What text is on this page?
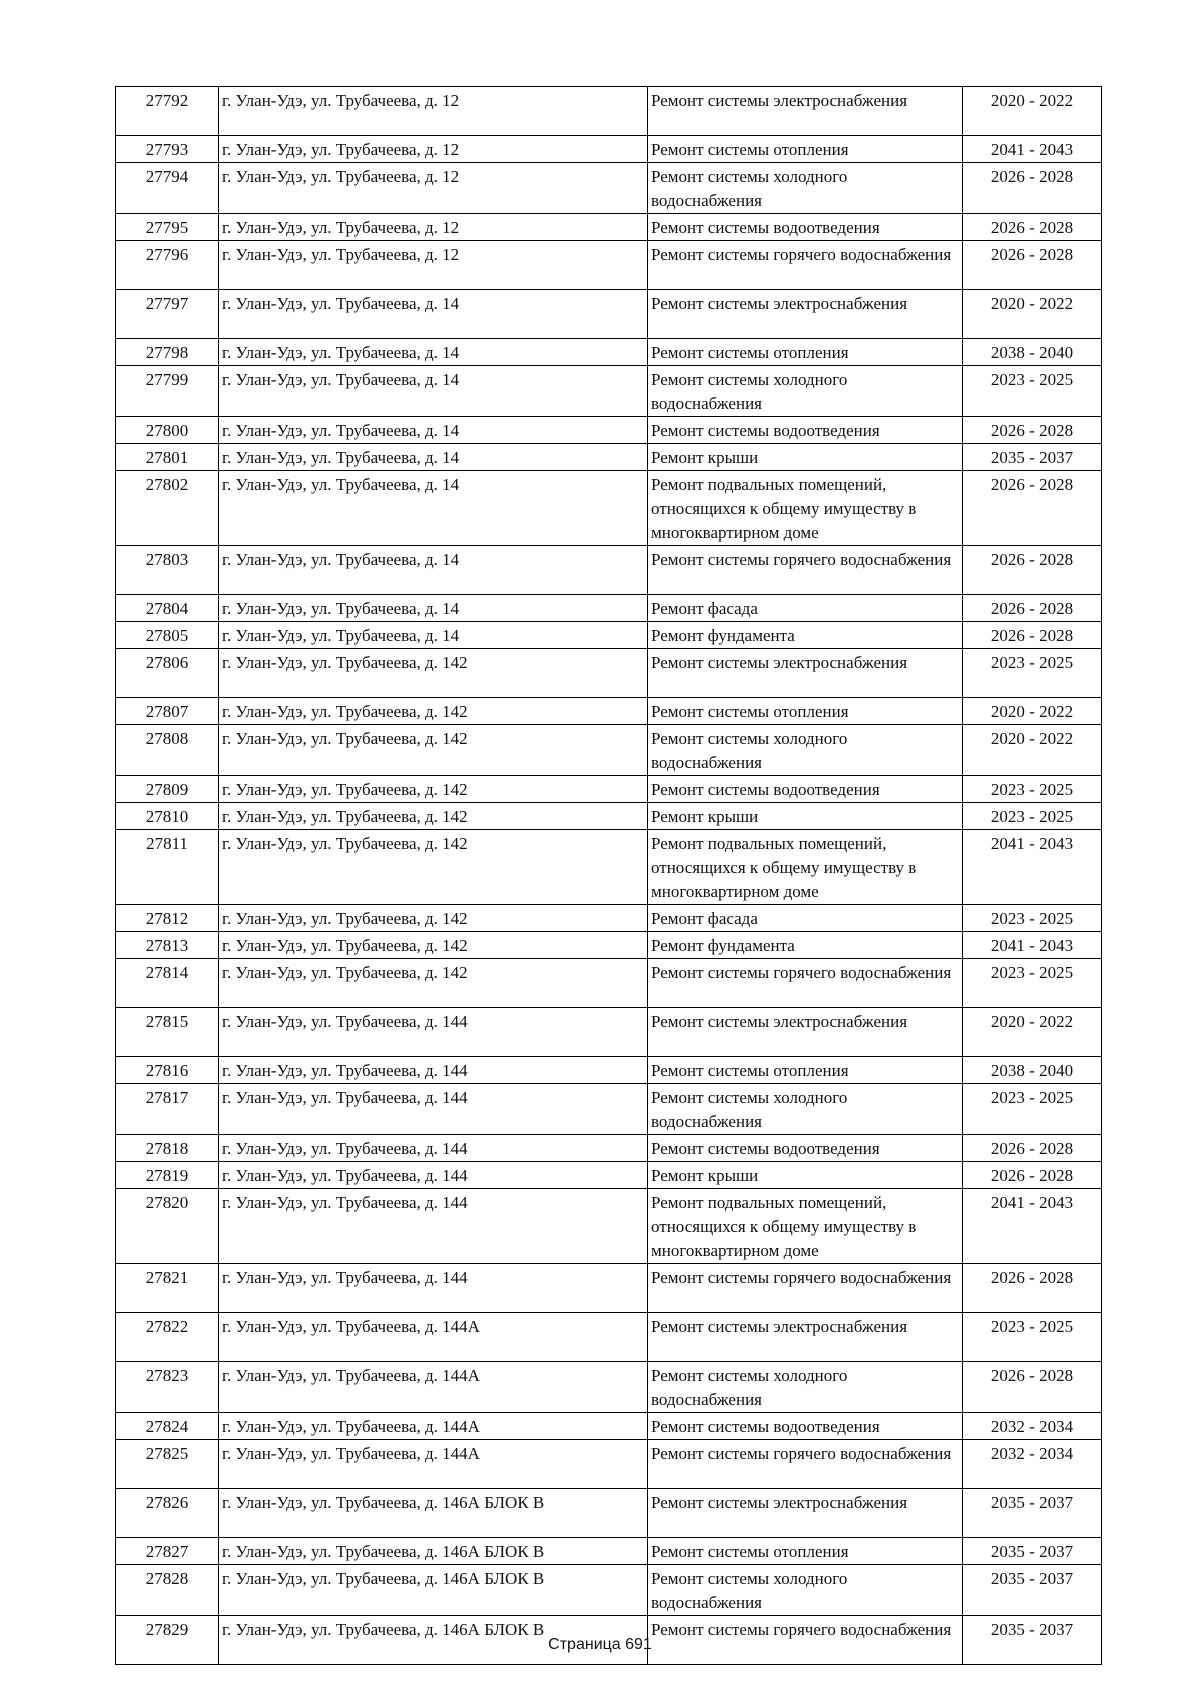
27792	г. Улан-Удэ, ул. Трубачеева, д. 12	Ремонт системы электроснабжения	2020 - 2022
27793	г. Улан-Удэ, ул. Трубачеева, д. 12	Ремонт системы отопления	2041 - 2043
27794	г. Улан-Удэ, ул. Трубачеева, д. 12	Ремонт системы холодного водоснабжения	2026 - 2028
27795	г. Улан-Удэ, ул. Трубачеева, д. 12	Ремонт системы водоотведения	2026 - 2028
27796	г. Улан-Удэ, ул. Трубачеева, д. 12	Ремонт системы горячего водоснабжения	2026 - 2028
27797	г. Улан-Удэ, ул. Трубачеева, д. 14	Ремонт системы электроснабжения	2020 - 2022
27798	г. Улан-Удэ, ул. Трубачеева, д. 14	Ремонт системы отопления	2038 - 2040
27799	г. Улан-Удэ, ул. Трубачеева, д. 14	Ремонт системы холодного водоснабжения	2023 - 2025
27800	г. Улан-Удэ, ул. Трубачеева, д. 14	Ремонт системы водоотведения	2026 - 2028
27801	г. Улан-Удэ, ул. Трубачеева, д. 14	Ремонт крыши	2035 - 2037
27802	г. Улан-Удэ, ул. Трубачеева, д. 14	Ремонт подвальных помещений, относящихся к общему имуществу в многоквартирном доме	2026 - 2028
27803	г. Улан-Удэ, ул. Трубачеева, д. 14	Ремонт системы горячего водоснабжения	2026 - 2028
27804	г. Улан-Удэ, ул. Трубачеева, д. 14	Ремонт фасада	2026 - 2028
27805	г. Улан-Удэ, ул. Трубачеева, д. 14	Ремонт фундамента	2026 - 2028
27806	г. Улан-Удэ, ул. Трубачеева, д. 142	Ремонт системы электроснабжения	2023 - 2025
27807	г. Улан-Удэ, ул. Трубачеева, д. 142	Ремонт системы отопления	2020 - 2022
27808	г. Улан-Удэ, ул. Трубачеева, д. 142	Ремонт системы холодного водоснабжения	2020 - 2022
27809	г. Улан-Удэ, ул. Трубачеева, д. 142	Ремонт системы водоотведения	2023 - 2025
27810	г. Улан-Удэ, ул. Трубачеева, д. 142	Ремонт крыши	2023 - 2025
27811	г. Улан-Удэ, ул. Трубачеева, д. 142	Ремонт подвальных помещений, относящихся к общему имуществу в многоквартирном доме	2041 - 2043
27812	г. Улан-Удэ, ул. Трубачеева, д. 142	Ремонт фасада	2023 - 2025
27813	г. Улан-Удэ, ул. Трубачеева, д. 142	Ремонт фундамента	2041 - 2043
27814	г. Улан-Удэ, ул. Трубачеева, д. 142	Ремонт системы горячего водоснабжения	2023 - 2025
27815	г. Улан-Удэ, ул. Трубачеева, д. 144	Ремонт системы электроснабжения	2020 - 2022
27816	г. Улан-Удэ, ул. Трубачеева, д. 144	Ремонт системы отопления	2038 - 2040
27817	г. Улан-Удэ, ул. Трубачеева, д. 144	Ремонт системы холодного водоснабжения	2023 - 2025
27818	г. Улан-Удэ, ул. Трубачеева, д. 144	Ремонт системы водоотведения	2026 - 2028
27819	г. Улан-Удэ, ул. Трубачеева, д. 144	Ремонт крыши	2026 - 2028
27820	г. Улан-Удэ, ул. Трубачеева, д. 144	Ремонт подвальных помещений, относящихся к общему имуществу в многоквартирном доме	2041 - 2043
27821	г. Улан-Удэ, ул. Трубачеева, д. 144	Ремонт системы горячего водоснабжения	2026 - 2028
27822	г. Улан-Удэ, ул. Трубачеева, д. 144А	Ремонт системы электроснабжения	2023 - 2025
27823	г. Улан-Удэ, ул. Трубачеева, д. 144А	Ремонт системы холодного водоснабжения	2026 - 2028
27824	г. Улан-Удэ, ул. Трубачеева, д. 144А	Ремонт системы водоотведения	2032 - 2034
27825	г. Улан-Удэ, ул. Трубачеева, д. 144А	Ремонт системы горячего водоснабжения	2032 - 2034
27826	г. Улан-Удэ, ул. Трубачеева, д. 146А БЛОК В	Ремонт системы электроснабжения	2035 - 2037
27827	г. Улан-Удэ, ул. Трубачеева, д. 146А БЛОК В	Ремонт системы отопления	2035 - 2037
27828	г. Улан-Удэ, ул. Трубачеева, д. 146А БЛОК В	Ремонт системы холодного водоснабжения	2035 - 2037
27829	г. Улан-Удэ, ул. Трубачеева, д. 146А БЛОК В	Ремонт системы горячего водоснабжения	2035 - 2037
Страница 691
